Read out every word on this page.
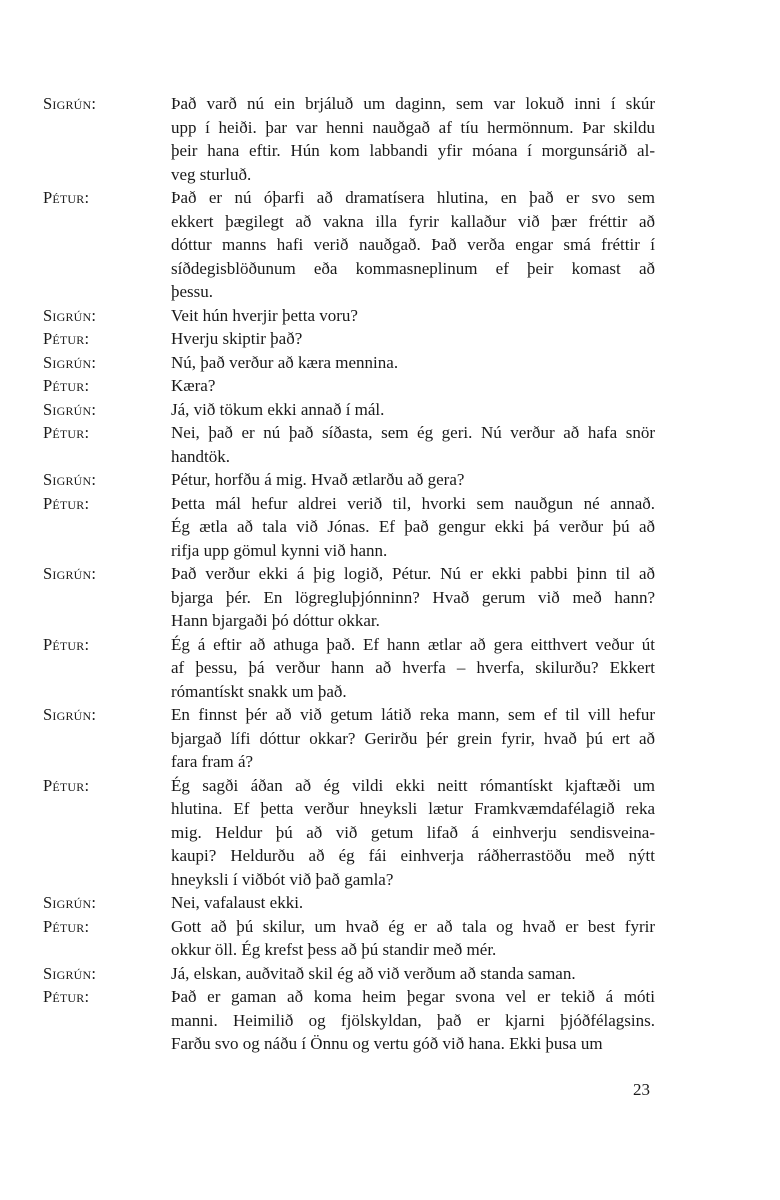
Sigrún:	Það varð nú ein brjáluð um daginn, sem var lokuð inni í skúr
upp í heiði. þar var henni nauðgað af tíu hermönnum. Þar skildu
þeir hana eftir. Hún kom labbandi yfir móana í morgunsárið al-
veg sturluð.
Pétur:	Það er nú óþarfi að dramatísera hlutina, en það er svo sem
ekkert þægilegt að vakna illa fyrir kallaður við þær fréttir að
dóttur manns hafi verið nauðgað. Það verða engar smá fréttir í
síðdegisblöðunum eða kommasneplinum ef þeir komast að
þessu.
Sigrún:	Veit hún hverjir þetta voru?
Pétur:	Hverju skiptir það?
Sigrún:	Nú, það verður að kæra mennina.
Pétur:	Kæra?
Sigrún:	Já, við tökum ekki annað í mál.
Pétur:	Nei, það er nú það síðasta, sem ég geri. Nú verður að hafa snör
handtök.
Sigrún:	Pétur, horfðu á mig. Hvað ætlarðu að gera?
Pétur:	Þetta mál hefur aldrei verið til, hvorki sem nauðgun né annað.
Ég ætla að tala við Jónas. Ef það gengur ekki þá verður þú að
rifja upp gömul kynni við hann.
Sigrún:	Það verður ekki á þig logið, Pétur. Nú er ekki pabbi þinn til að
bjarga þér. En lögregluþjónninn? Hvað gerum við með hann?
Hann bjargaði þó dóttur okkar.
Pétur:	Ég á eftir að athuga það. Ef hann ætlar að gera eitthvert veður út
af þessu, þá verður hann að hverfa – hverfa, skilurðu? Ekkert
rómantískt snakk um það.
Sigrún:	En finnst þér að við getum látið reka mann, sem ef til vill hefur
bjargað lífi dóttur okkar? Gerirðu þér grein fyrir, hvað þú ert að
fara fram á?
Pétur:	Ég sagði áðan að ég vildi ekki neitt rómantískt kjaftæði um
hlutina. Ef þetta verður hneyksli lætur Framkvæmdafélagið reka
mig. Heldur þú að við getum lifað á einhverju sendisveina-
kaupi? Heldurðu að ég fái einhverja ráðherrastöðu með nýtt
hneyksli í viðbót við það gamla?
Sigrún:	Nei, vafalaust ekki.
Pétur:	Gott að þú skilur, um hvað ég er að tala og hvað er best fyrir
okkur öll. Ég krefst þess að þú standir með mér.
Sigrún:	Já, elskan, auðvitað skil ég að við verðum að standa saman.
Pétur:	Það er gaman að koma heim þegar svona vel er tekið á móti
manni. Heimilið og fjölskyldan, það er kjarni þjóðfélagsins.
Farðu svo og náðu í Önnu og vertu góð við hana. Ekki þusa um
23
